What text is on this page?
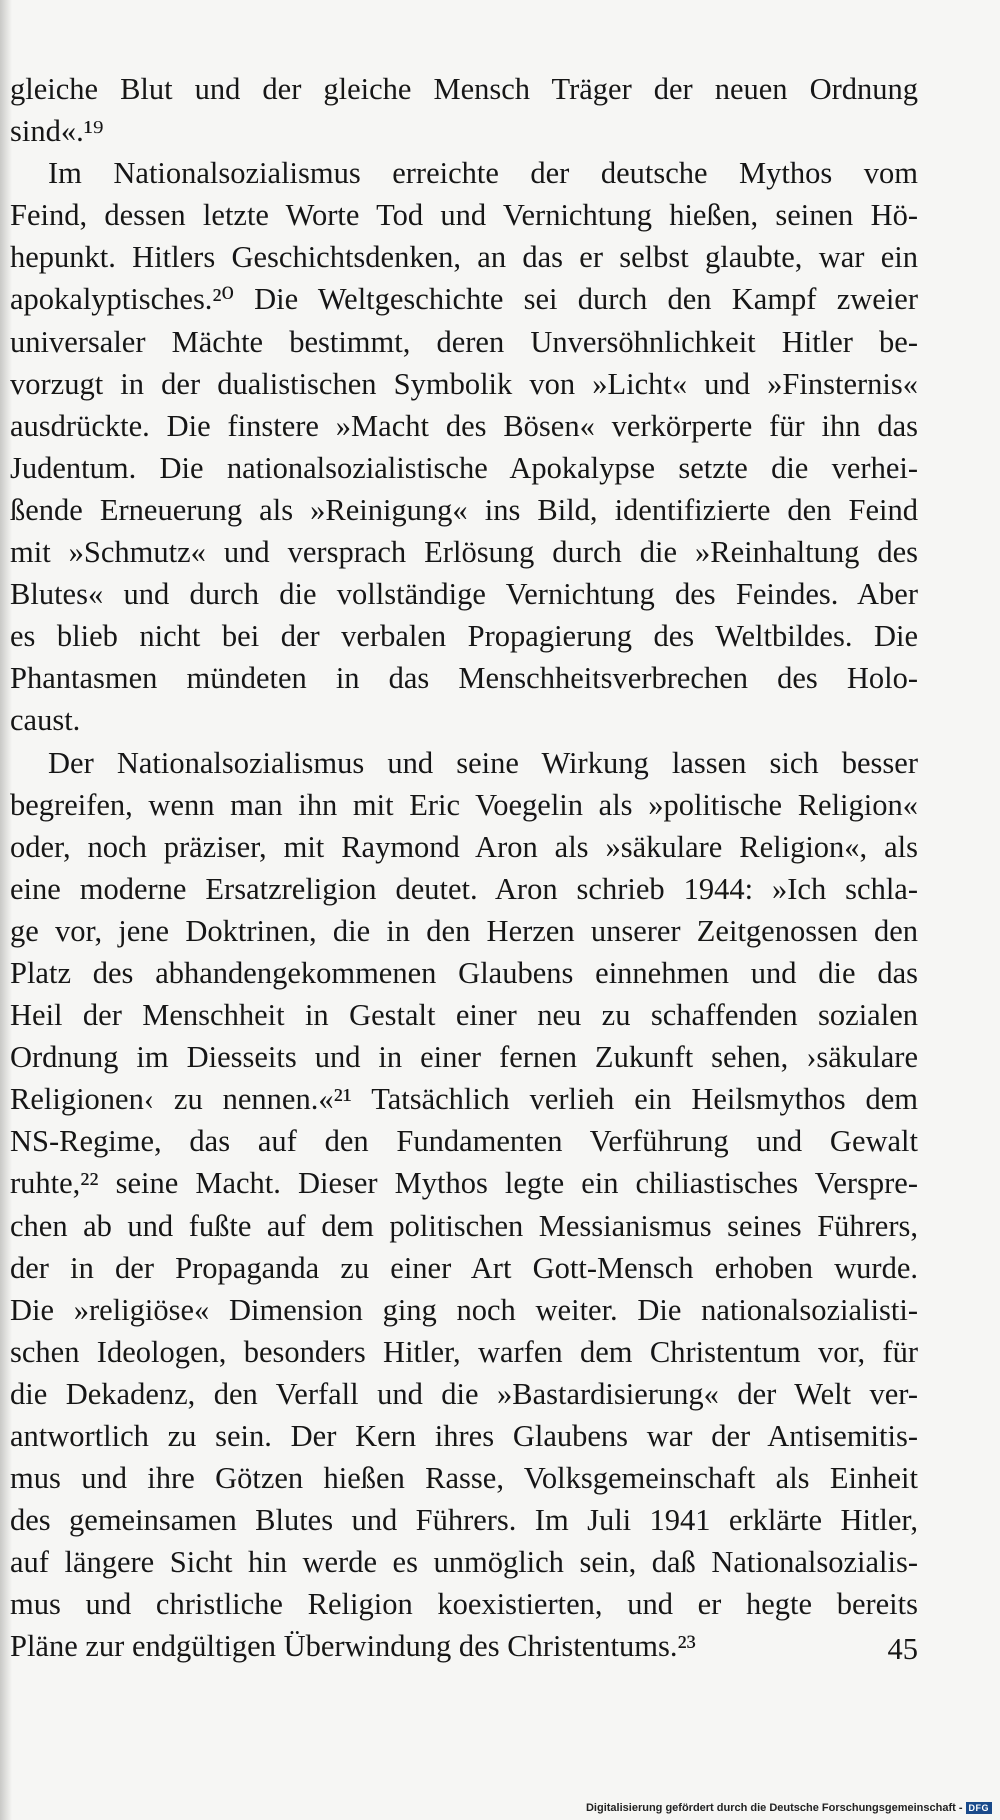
gleiche Blut und der gleiche Mensch Träger der neuen Ordnung
sind«.¹⁹

Im Nationalsozialismus erreichte der deutsche Mythos vom
Feind, dessen letzte Worte Tod und Vernichtung hießen, seinen Hö-
hepunkt. Hitlers Geschichtsdenken, an das er selbst glaubte, war ein
apokalyptisches.²⁰ Die Weltgeschichte sei durch den Kampf zweier
universaler Mächte bestimmt, deren Unversöhnlichkeit Hitler be-
vorzugt in der dualistischen Symbolik von »Licht« und »Finsternis«
ausdrückte. Die finstere »Macht des Bösen« verkörperte für ihn das
Judentum. Die nationalsozialistische Apokalypse setzte die verhei-
ßende Erneuerung als »Reinigung« ins Bild, identifizierte den Feind
mit »Schmutz« und versprach Erlösung durch die »Reinhaltung des
Blutes« und durch die vollständige Vernichtung des Feindes. Aber
es blieb nicht bei der verbalen Propagierung des Weltbildes. Die
Phantasmen mündeten in das Menschheitsverbrechen des Holo-
caust.

Der Nationalsozialismus und seine Wirkung lassen sich besser
begreifen, wenn man ihn mit Eric Voegelin als »politische Religion«
oder, noch präziser, mit Raymond Aron als »säkulare Religion«, als
eine moderne Ersatzreligion deutet. Aron schrieb 1944: »Ich schla-
ge vor, jene Doktrinen, die in den Herzen unserer Zeitgenossen den
Platz des abhandengekommenen Glaubens einnehmen und die das
Heil der Menschheit in Gestalt einer neu zu schaffenden sozialen
Ordnung im Diesseits und in einer fernen Zukunft sehen, ›säkulare
Religionen‹ zu nennen.«²¹ Tatsächlich verlieh ein Heilsmythos dem
NS-Regime, das auf den Fundamenten Verführung und Gewalt
ruhte,²² seine Macht. Dieser Mythos legte ein chiliastisches Verspre-
chen ab und fußte auf dem politischen Messianismus seines Führers,
der in der Propaganda zu einer Art Gott-Mensch erhoben wurde.
Die »religiöse« Dimension ging noch weiter. Die nationalsozialisti-
schen Ideologen, besonders Hitler, warfen dem Christentum vor, für
die Dekadenz, den Verfall und die »Bastardisierung« der Welt ver-
antwortlich zu sein. Der Kern ihres Glaubens war der Antisemitis-
mus und ihre Götzen hießen Rasse, Volksgemeinschaft als Einheit
des gemeinsamen Blutes und Führers. Im Juli 1941 erklärte Hitler,
auf längere Sicht hin werde es unmöglich sein, daß Nationalsozialis-
mus und christliche Religion koexistierten, und er hegte bereits
Pläne zur endgültigen Überwindung des Christentums.²³	45
Digitalisierung gefördert durch die Deutsche Forschungsgemeinschaft - DFG
